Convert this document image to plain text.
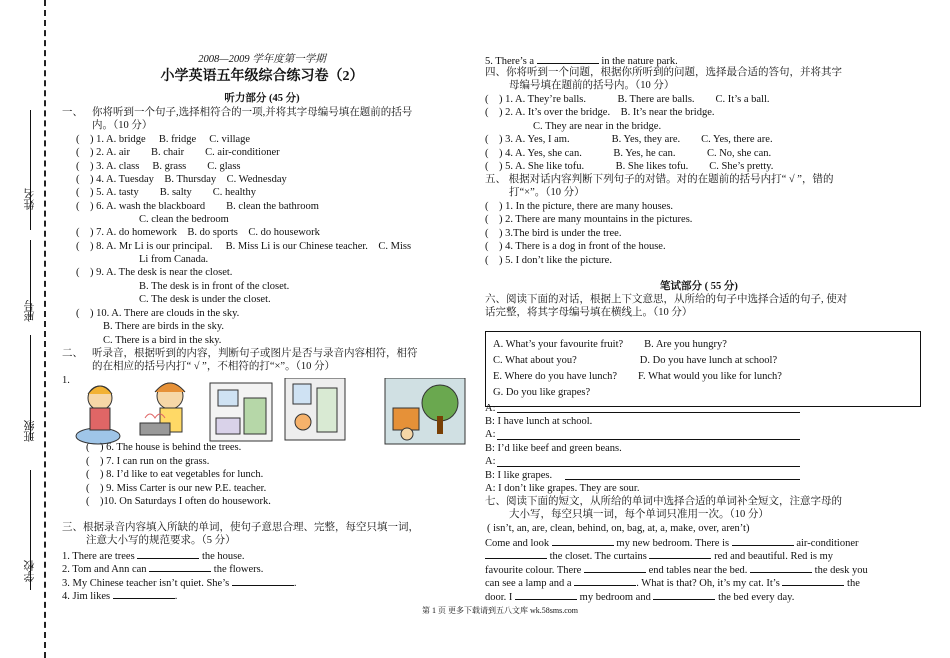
姓名
座号
班级
学校
2008—2009 学年度第一学期
小学英语五年级综合练习卷（2）
听力部分 (45 分)
一、 你将听到一个句子,选择相符合的一项,并将其字母编号填在题前的括号
内。（10 分）
(　) 1. A. bridge　 B. fridge　 C. village
(　) 2. A. air　　B. chair　　C. air-conditioner
(　) 3. A. class　 B. grass　　C. glass
(　) 4. A. Tuesday　B. Thursday　C. Wednesday
(　) 5. A. tasty　　B. salty　　C. healthy
(　) 6. A. wash the blackboard　　B. clean the bathroom
C. clean the bedroom
(　) 7. A. do homework　B. do sports　C. do housework
(　) 8. A. Mr Li is our principal.　 B. Miss Li is our Chinese teacher.　C. Miss
Li from Canada.
(　) 9. A. The desk is near the closet.
B. The desk is in front of the closet.
C. The desk is under the closet.
(　) 10. A. There are clouds in the sky.
B. There are birds in the sky.
C. There is a bird in the sky.
二、 听录音，根据听到的内容，判断句子或图片是否与录音内容相符，相符
的在相应的括号内打“ √ ”，不相符的打“×”。（10 分）
1.
(　) 6. The house is behind the trees.
(　) 7. I can run on the grass.
(　) 8. I’d like to eat vegetables for lunch.
(　) 9. Miss Carter is our new P.E. teacher.
(　)10. On Saturdays I often do housework.
三、根据录音内容填入所缺的单词，使句子意思合理、完整，每空只填一词，
注意大小写的规范要求。（5 分）
1. There are trees	the house.
2. Tom and Ann can	the flowers.
3. My Chinese teacher isn’t quiet. She’s	.
4. Jim likes	.
5. There’s a	in the nature park.
四、你将听到一个问题，根据你所听到的问题，选择最合适的答句，并将其字
母编号填在题前的括号内。（10 分）
(　) 1. A. They’re balls.　　　B. There are balls.　　C. It’s a ball.
(　) 2. A. It’s over the bridge.　B. It’s near the bridge.
C. They are near in the bridge.
(　) 3. A. Yes, I am.　　　　B. Yes, they are.　　C. Yes, there are.
(　) 4. A. Yes, she can.　　　B. Yes, he can.　　　C. No, she can.
(　) 5. A. She like tofu.　　　B. She likes tofu.　　C. She’s pretty.
五、 根据对话内容判断下列句子的对错。对的在题前的括号内打“ √ ”，错的
打“×”。（10 分）
(　) 1. In the picture, there are many houses.
(　) 2. There are many mountains in the pictures.
(　) 3.The bird is under the tree.
(　) 4. There is a dog in front of the house.
(　) 5. I don’t like the picture.
笔试部分 ( 55 分)
六、阅读下面的对话，根据上下文意思，从所给的句子中选择合适的句子, 使对
话完整，将其字母编号填在横线上。（10 分）
A. What’s your favourite fruit?　　B. Are you hungry?
C. What about you?　　　　　　D. Do you have lunch at school?
E. Where do you have lunch?　　F. What would you like for lunch?
G. Do you like grapes?
A:
B: I have lunch at school.
A:
B: I’d like beef and green beans.
A:
B: I like grapes.
A: I don’t like grapes. They are sour.
七、阅读下面的短文，从所给的单词中选择合适的单词补全短文，注意字母的
大小写，每空只填一词，每个单词只准用一次。（10 分）
( isn’t, an, are, clean, behind, on, bag, at, a, make, over, aren’t)
Come and look	my new bedroom. There is	air-conditioner
the closet. The curtains	red and beautiful. Red is my
favourite colour. There	end tables near the bed.	the desk you
can see a lamp and a	. What is that? Oh, it’s my cat. It’s	the
door. I	my bedroom and	the bed every day.
第 1 页 更多下载请到五八文库 wk.58sms.com
